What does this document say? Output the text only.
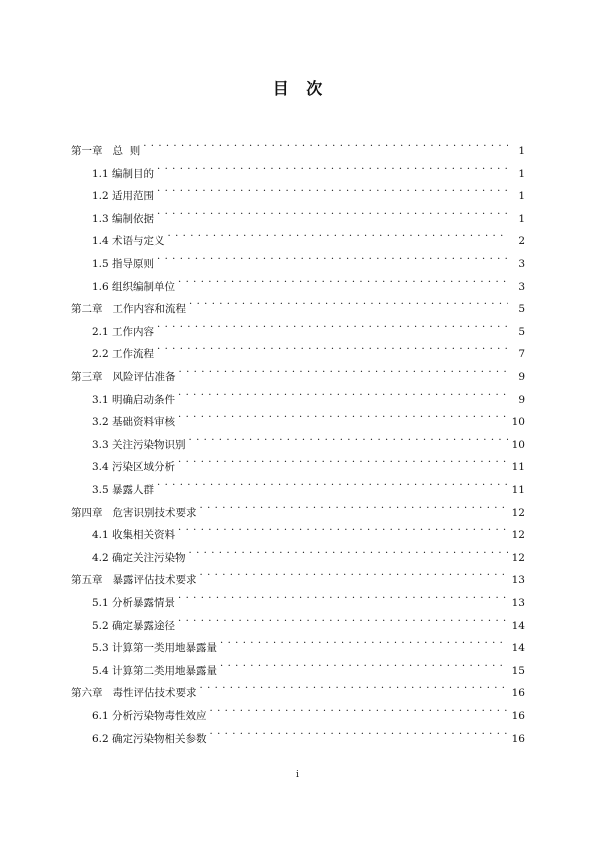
目 次
第一章   总  则 . . .	1
1.1 编制目的 . . .	1
1.2 适用范围 . . .	1
1.3 编制依据 . . .	1
1.4 术语与定义 . . .	2
1.5 指导原则 . . .	3
1.6 组织编制单位 . . .	3
第二章   工作内容和流程 . . .	5
2.1 工作内容 . . .	5
2.2 工作流程 . . .	7
第三章   风险评估准备 . . .	9
3.1 明确启动条件 . . .	9
3.2 基础资料审核 . . .	10
3.3 关注污染物识别 . . .	10
3.4 污染区域分析 . . .	11
3.5 暴露人群 . . .	11
第四章   危害识别技术要求 . . .	12
4.1 收集相关资料 . . .	12
4.2 确定关注污染物 . . .	12
第五章   暴露评估技术要求 . . .	13
5.1 分析暴露情景 . . .	13
5.2 确定暴露途径 . . .	14
5.3 计算第一类用地暴露量 . . .	14
5.4 计算第二类用地暴露量 . . .	15
第六章   毒性评估技术要求 . . .	16
6.1 分析污染物毒性效应 . . .	16
6.2 确定污染物相关参数 . . .	16
i
